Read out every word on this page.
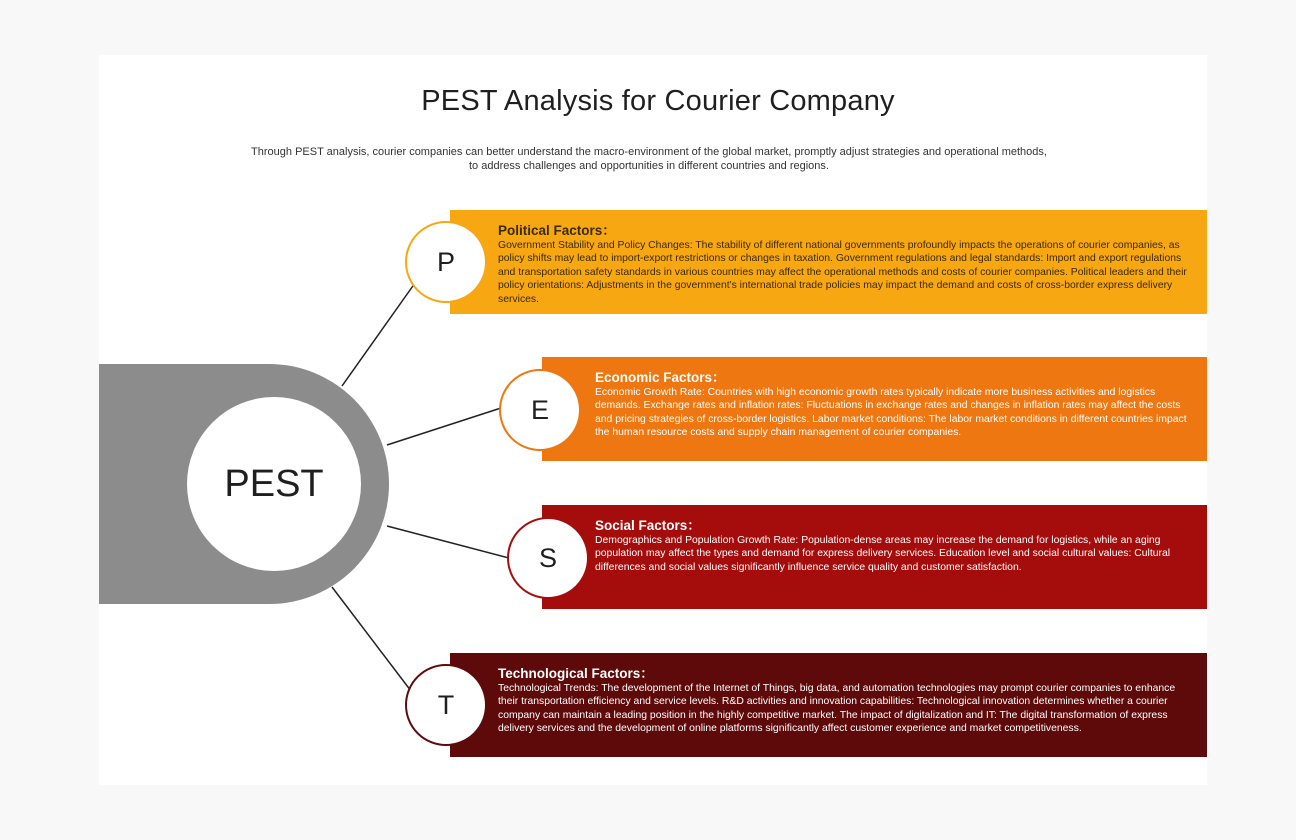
PEST Analysis for Courier Company
Through PEST analysis, courier companies can better understand the macro-environment of the global market, promptly adjust strategies and operational methods, to address challenges and opportunities in different countries and regions.
PEST
Political Factors：
Government Stability and Policy Changes: The stability of different national governments profoundly impacts the operations of courier companies, as policy shifts may lead to import-export restrictions or changes in taxation. Government regulations and legal standards: Import and export regulations and transportation safety standards in various countries may affect the operational methods and costs of courier companies. Political leaders and their policy orientations: Adjustments in the government's international trade policies may impact the demand and costs of cross-border express delivery services.
P
Economic Factors：
Economic Growth Rate: Countries with high economic growth rates typically indicate more business activities and logistics demands. Exchange rates and inflation rates: Fluctuations in exchange rates and changes in inflation rates may affect the costs and pricing strategies of cross-border logistics. Labor market conditions: The labor market conditions in different countries impact the human resource costs and supply chain management of courier companies.
E
Social Factors：
Demographics and Population Growth Rate: Population-dense areas may increase the demand for logistics, while an aging population may affect the types and demand for express delivery services. Education level and social cultural values: Cultural differences and social values significantly influence service quality and customer satisfaction.
S
Technological Factors：
Technological Trends: The development of the Internet of Things, big data, and automation technologies may prompt courier companies to enhance their transportation efficiency and service levels. R&D activities and innovation capabilities: Technological innovation determines whether a courier company can maintain a leading position in the highly competitive market. The impact of digitalization and IT: The digital transformation of express delivery services and the development of online platforms significantly affect customer experience and market competitiveness.
T
